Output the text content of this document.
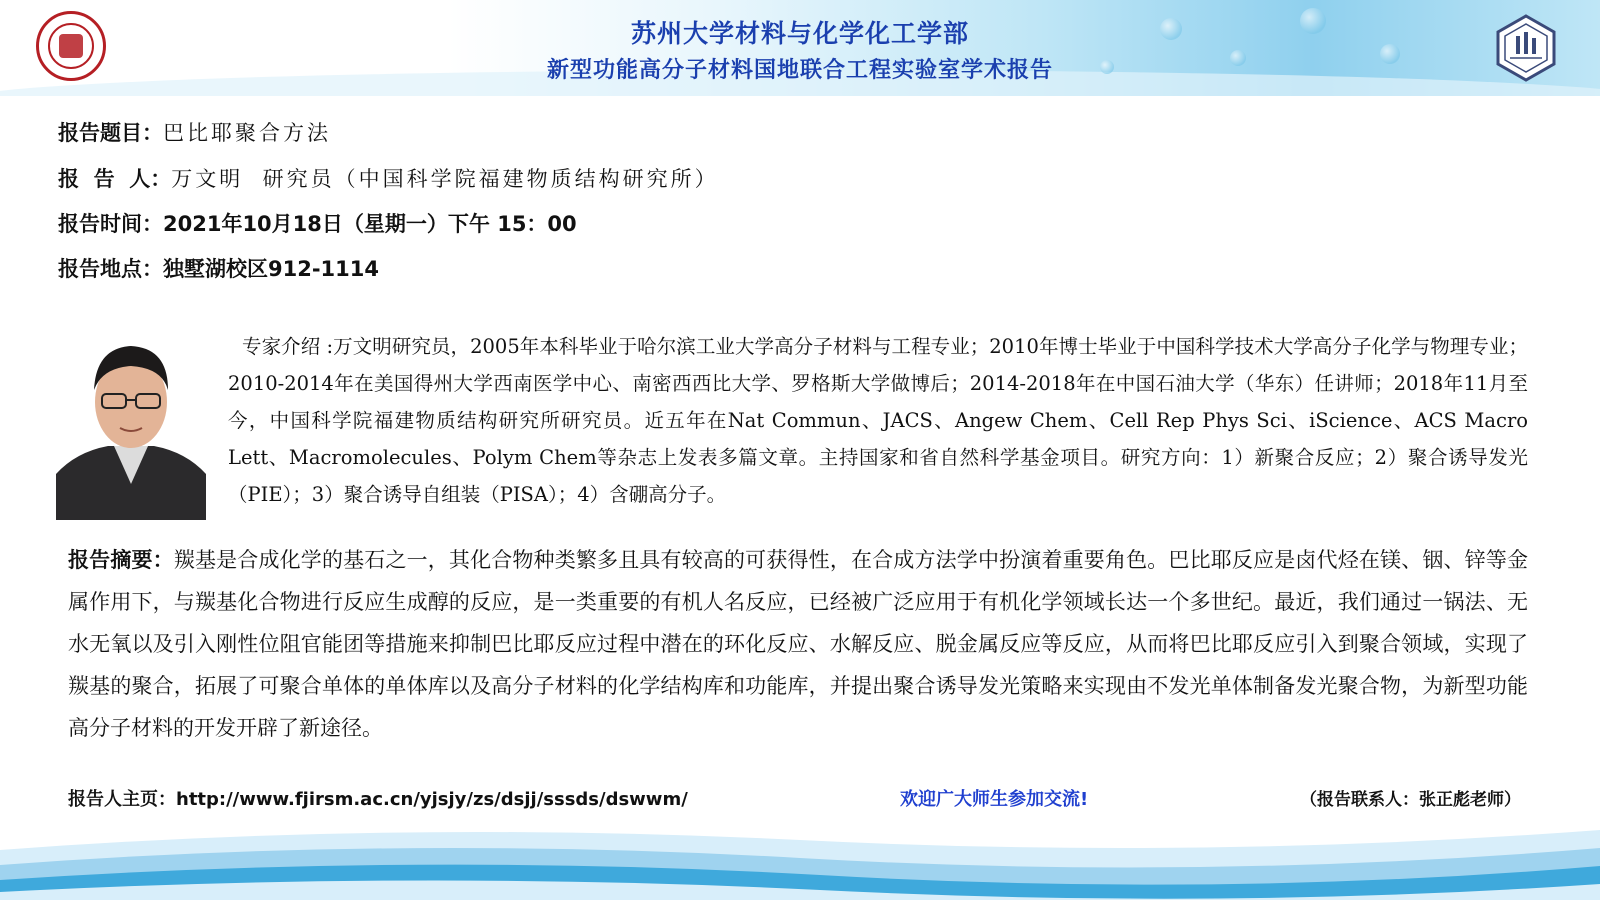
苏州大学材料与化学化工学部
新型功能高分子材料国地联合工程实验室学术报告
报告题目：巴比耶聚合方法
报  告  人：万文明  研究员（中国科学院福建物质结构研究所）
报告时间：2021年10月18日（星期一）下午 15：00
报告地点：独墅湖校区912-1114
专家介绍 :万文明研究员，2005年本科毕业于哈尔滨工业大学高分子材料与工程专业；2010年博士毕业于中国科学技术大学高分子化学与物理专业；2010-2014年在美国得州大学西南医学中心、南密西西比大学、罗格斯大学做博后；2014-2018年在中国石油大学（华东）任讲师；2018年11月至今，中国科学院福建物质结构研究所研究员。近五年在Nat Commun、JACS、Angew Chem、Cell Rep Phys Sci、iScience、ACS Macro Lett、Macromolecules、Polym Chem等杂志上发表多篇文章。主持国家和省自然科学基金项目。研究方向：1）新聚合反应；2）聚合诱导发光（PIE）；3）聚合诱导自组装（PISA）；4）含硼高分子。
报告摘要：羰基是合成化学的基石之一，其化合物种类繁多且具有较高的可获得性，在合成方法学中扮演着重要角色。巴比耶反应是卤代烃在镁、铟、锌等金属作用下，与羰基化合物进行反应生成醇的反应，是一类重要的有机人名反应，已经被广泛应用于有机化学领域长达一个多世纪。最近，我们通过一锅法、无水无氧以及引入刚性位阻官能团等措施来抑制巴比耶反应过程中潜在的环化反应、水解反应、脱金属反应等反应，从而将巴比耶反应引入到聚合领域，实现了羰基的聚合，拓展了可聚合单体的单体库以及高分子材料的化学结构库和功能库，并提出聚合诱导发光策略来实现由不发光单体制备发光聚合物，为新型功能高分子材料的开发开辟了新途径。
报告人主页：http://www.fjirsm.ac.cn/yjsjy/zs/dsjj/sssds/dswwm/	欢迎广大师生参加交流!	（报告联系人：张正彪老师）
